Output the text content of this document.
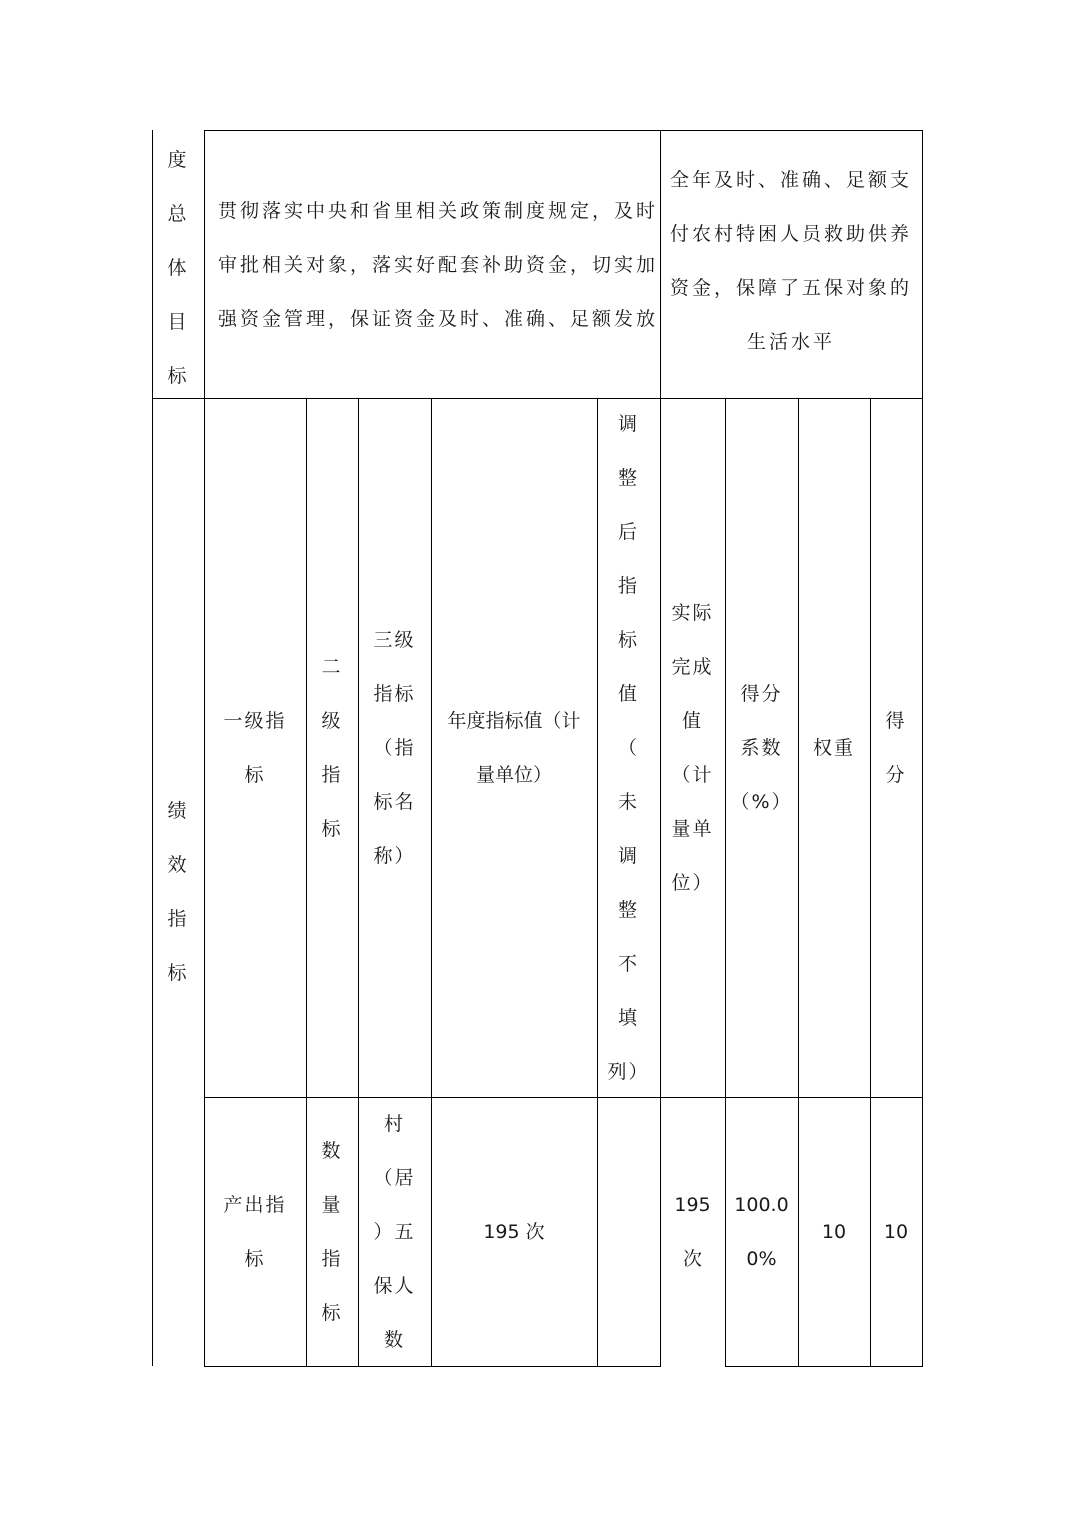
度
总
体
目
标
贯彻落实中央和省里相关政策制度规定，及时
审批相关对象，落实好配套补助资金，切实加
强资金管理，保证资金及时、准确、足额发放
全年及时、准确、足额支
付农村特困人员救助供养
资金，保障了五保对象的
生活水平
绩
效
指
标
一级指
标
二
级
指
标
三级
指标
（指
标名
称）
年度指标值（计
量单位）
调
整
后
指
标
值
（
未
调
整
不
填
列）
实际
完成
值
（计
量单
位）
得分
系数
（%）
权重
得
分
产出指
标
数
量
指
标
村
（居
）五
保人
数
195 次
195
次
100.0
0%
10	10
